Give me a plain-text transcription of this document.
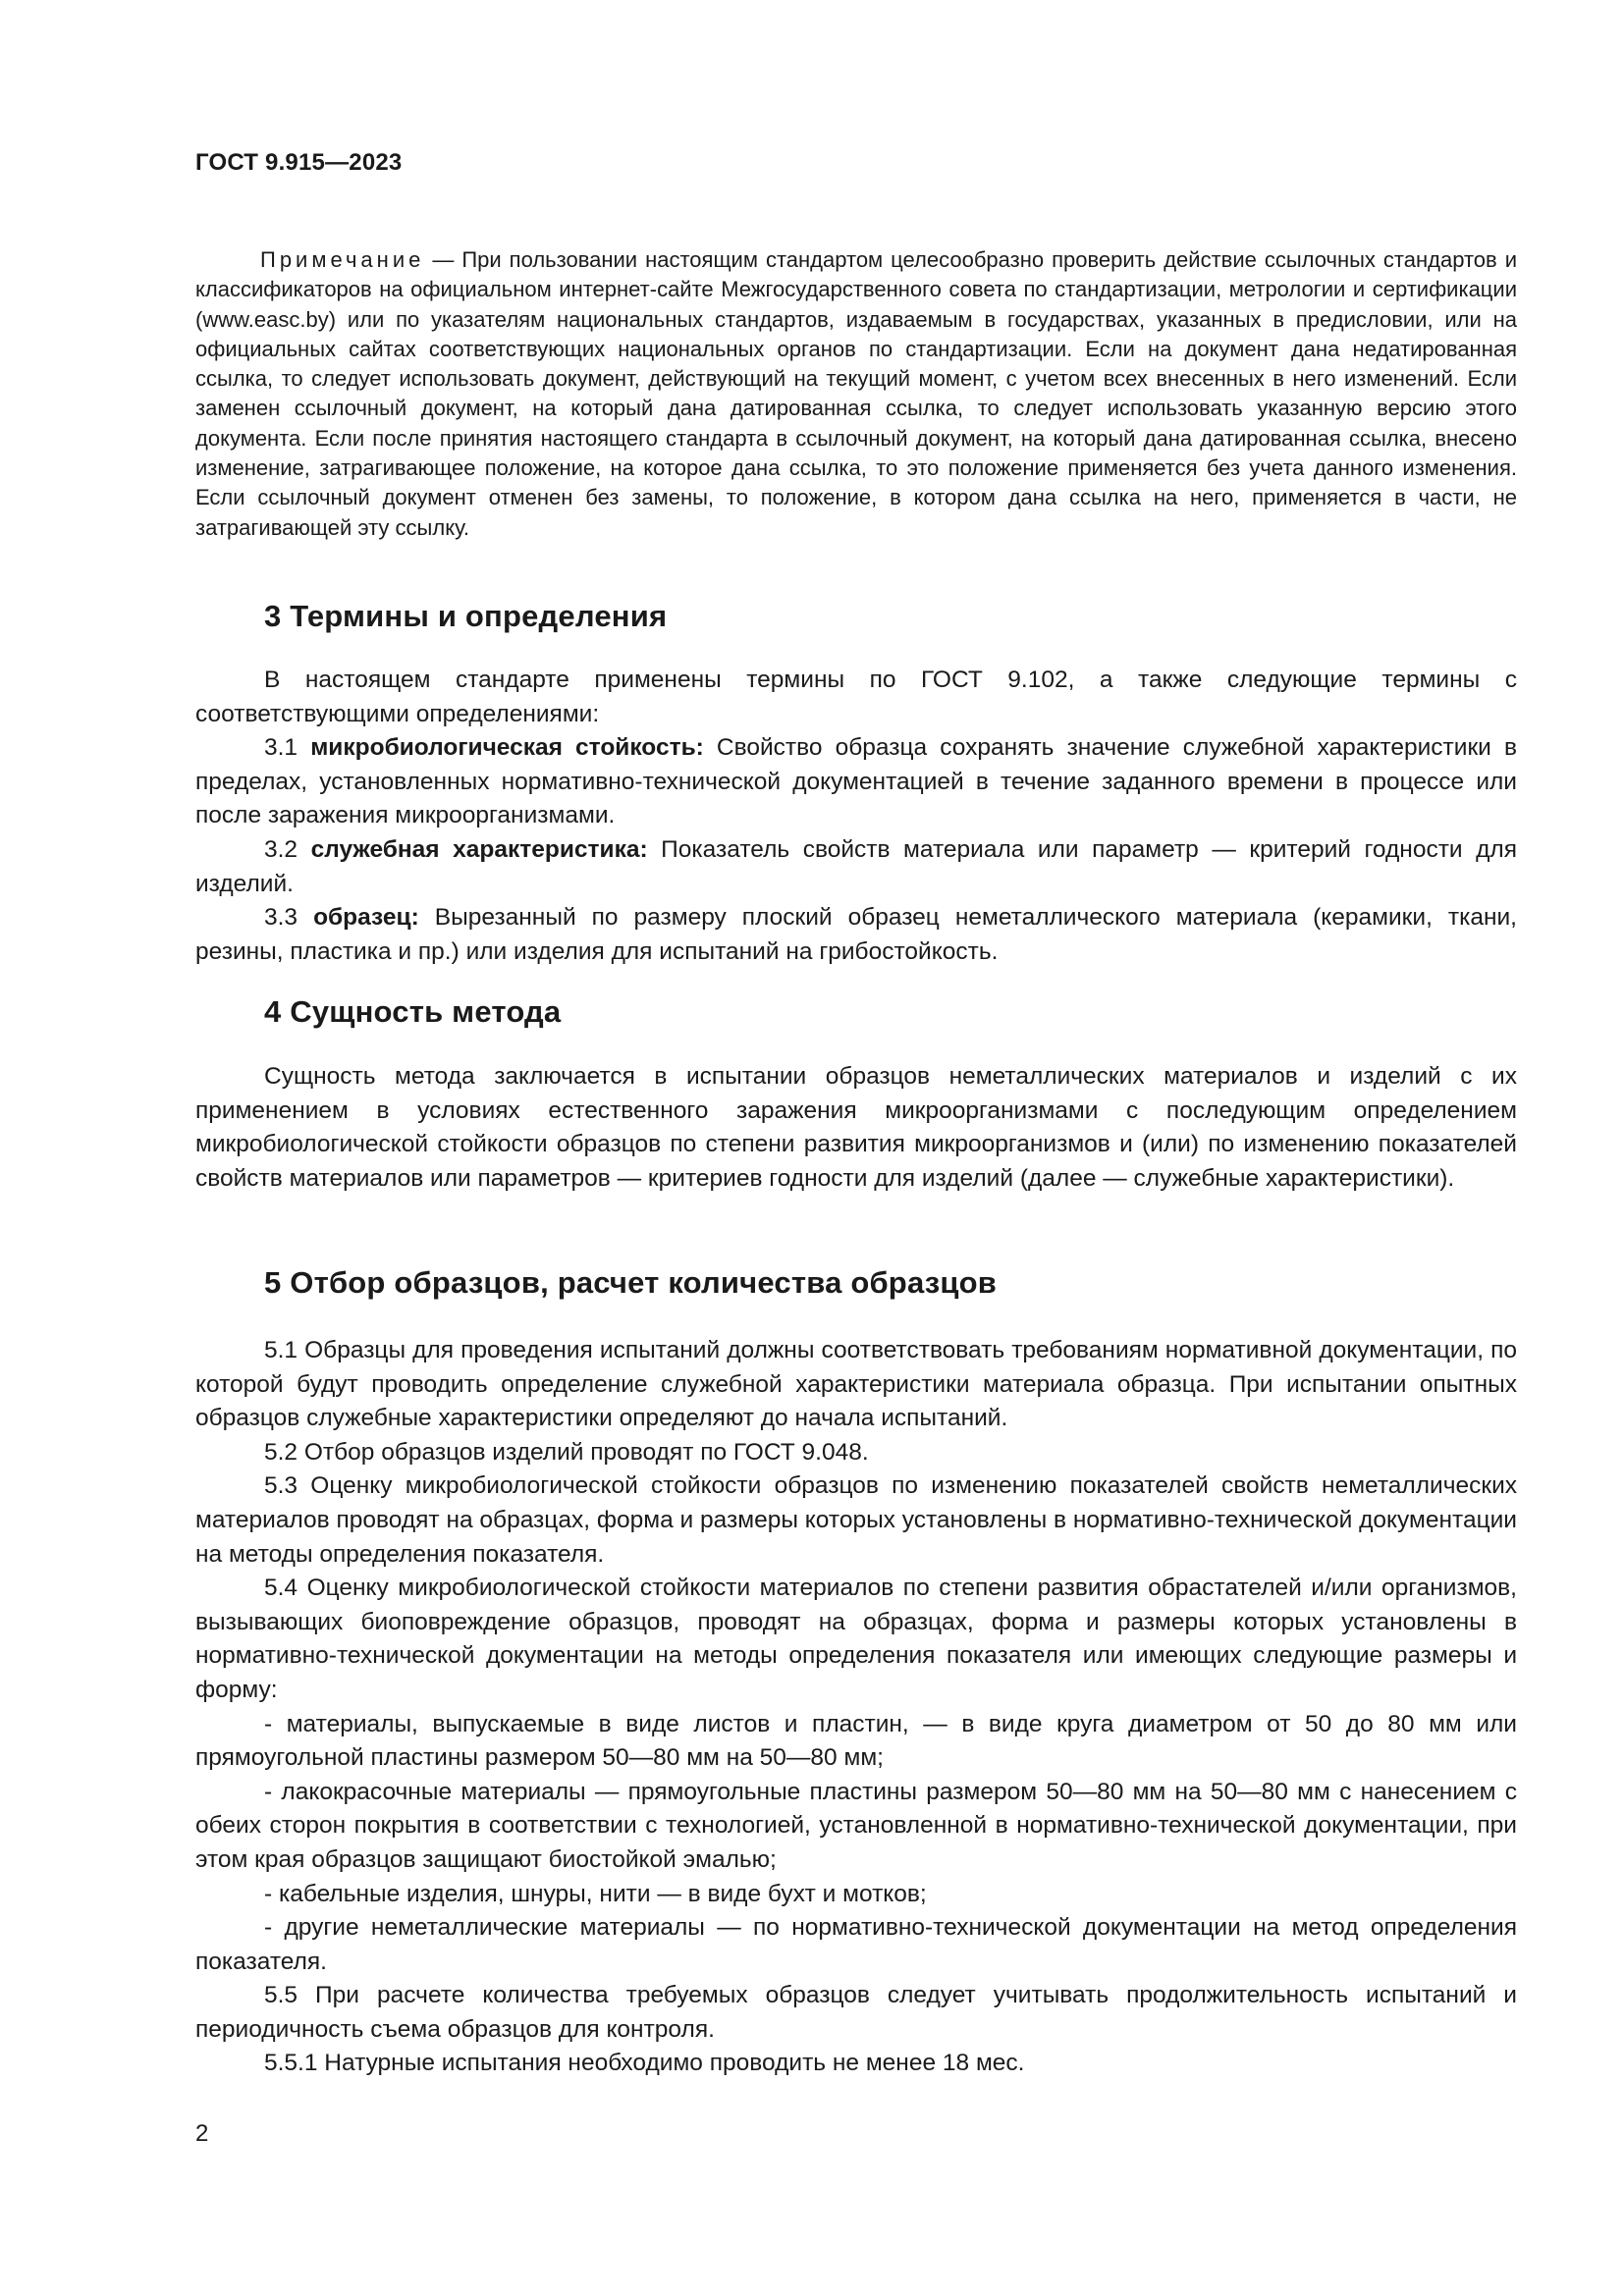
ГОСТ 9.915—2023

Примечание — При пользовании настоящим стандартом целесообразно проверить действие ссылочных стандартов и классификаторов на официальном интернет-сайте Межгосударственного совета по стандартизации, метрологии и сертификации (www.easc.by) или по указателям национальных стандартов, издаваемым в государствах, указанных в предисловии, или на официальных сайтах соответствующих национальных органов по стандартизации. Если на документ дана недатированная ссылка, то следует использовать документ, действующий на текущий момент, с учетом всех внесенных в него изменений. Если заменен ссылочный документ, на который дана датированная ссылка, то следует использовать указанную версию этого документа. Если после принятия настоящего стандарта в ссылочный документ, на который дана датированная ссылка, внесено изменение, затрагивающее положение, на которое дана ссылка, то это положение применяется без учета данного изменения. Если ссылочный документ отменен без замены, то положение, в котором дана ссылка на него, применяется в части, не затрагивающей эту ссылку.

3 Термины и определения

В настоящем стандарте применены термины по ГОСТ 9.102, а также следующие термины с соответствующими определениями:

3.1 микробиологическая стойкость: Свойство образца сохранять значение служебной характеристики в пределах, установленных нормативно-технической документацией в течение заданного времени в процессе или после заражения микроорганизмами.

3.2 служебная характеристика: Показатель свойств материала или параметр — критерий годности для изделий.

3.3 образец: Вырезанный по размеру плоский образец неметаллического материала (керамики, ткани, резины, пластика и пр.) или изделия для испытаний на грибостойкость.

4 Сущность метода

Сущность метода заключается в испытании образцов неметаллических материалов и изделий с их применением в условиях естественного заражения микроорганизмами с последующим определением микробиологической стойкости образцов по степени развития микроорганизмов и (или) по изменению показателей свойств материалов или параметров — критериев годности для изделий (далее — служебные характеристики).

5 Отбор образцов, расчет количества образцов

5.1 Образцы для проведения испытаний должны соответствовать требованиям нормативной документации, по которой будут проводить определение служебной характеристики материала образца. При испытании опытных образцов служебные характеристики определяют до начала испытаний.

5.2 Отбор образцов изделий проводят по ГОСТ 9.048.

5.3 Оценку микробиологической стойкости образцов по изменению показателей свойств неметаллических материалов проводят на образцах, форма и размеры которых установлены в нормативно-технической документации на методы определения показателя.

5.4 Оценку микробиологической стойкости материалов по степени развития обрастателей и/или организмов, вызывающих биоповреждение образцов, проводят на образцах, форма и размеры которых установлены в нормативно-технической документации на методы определения показателя или имеющих следующие размеры и форму:

- материалы, выпускаемые в виде листов и пластин, — в виде круга диаметром от 50 до 80 мм или прямоугольной пластины размером 50—80 мм на 50—80 мм;

- лакокрасочные материалы — прямоугольные пластины размером 50—80 мм на 50—80 мм с нанесением с обеих сторон покрытия в соответствии с технологией, установленной в нормативно-технической документации, при этом края образцов защищают биостойкой эмалью;

- кабельные изделия, шнуры, нити — в виде бухт и мотков;

- другие неметаллические материалы — по нормативно-технической документации на метод определения показателя.

5.5 При расчете количества требуемых образцов следует учитывать продолжительность испытаний и периодичность съема образцов для контроля.

5.5.1 Натурные испытания необходимо проводить не менее 18 мес.

2
